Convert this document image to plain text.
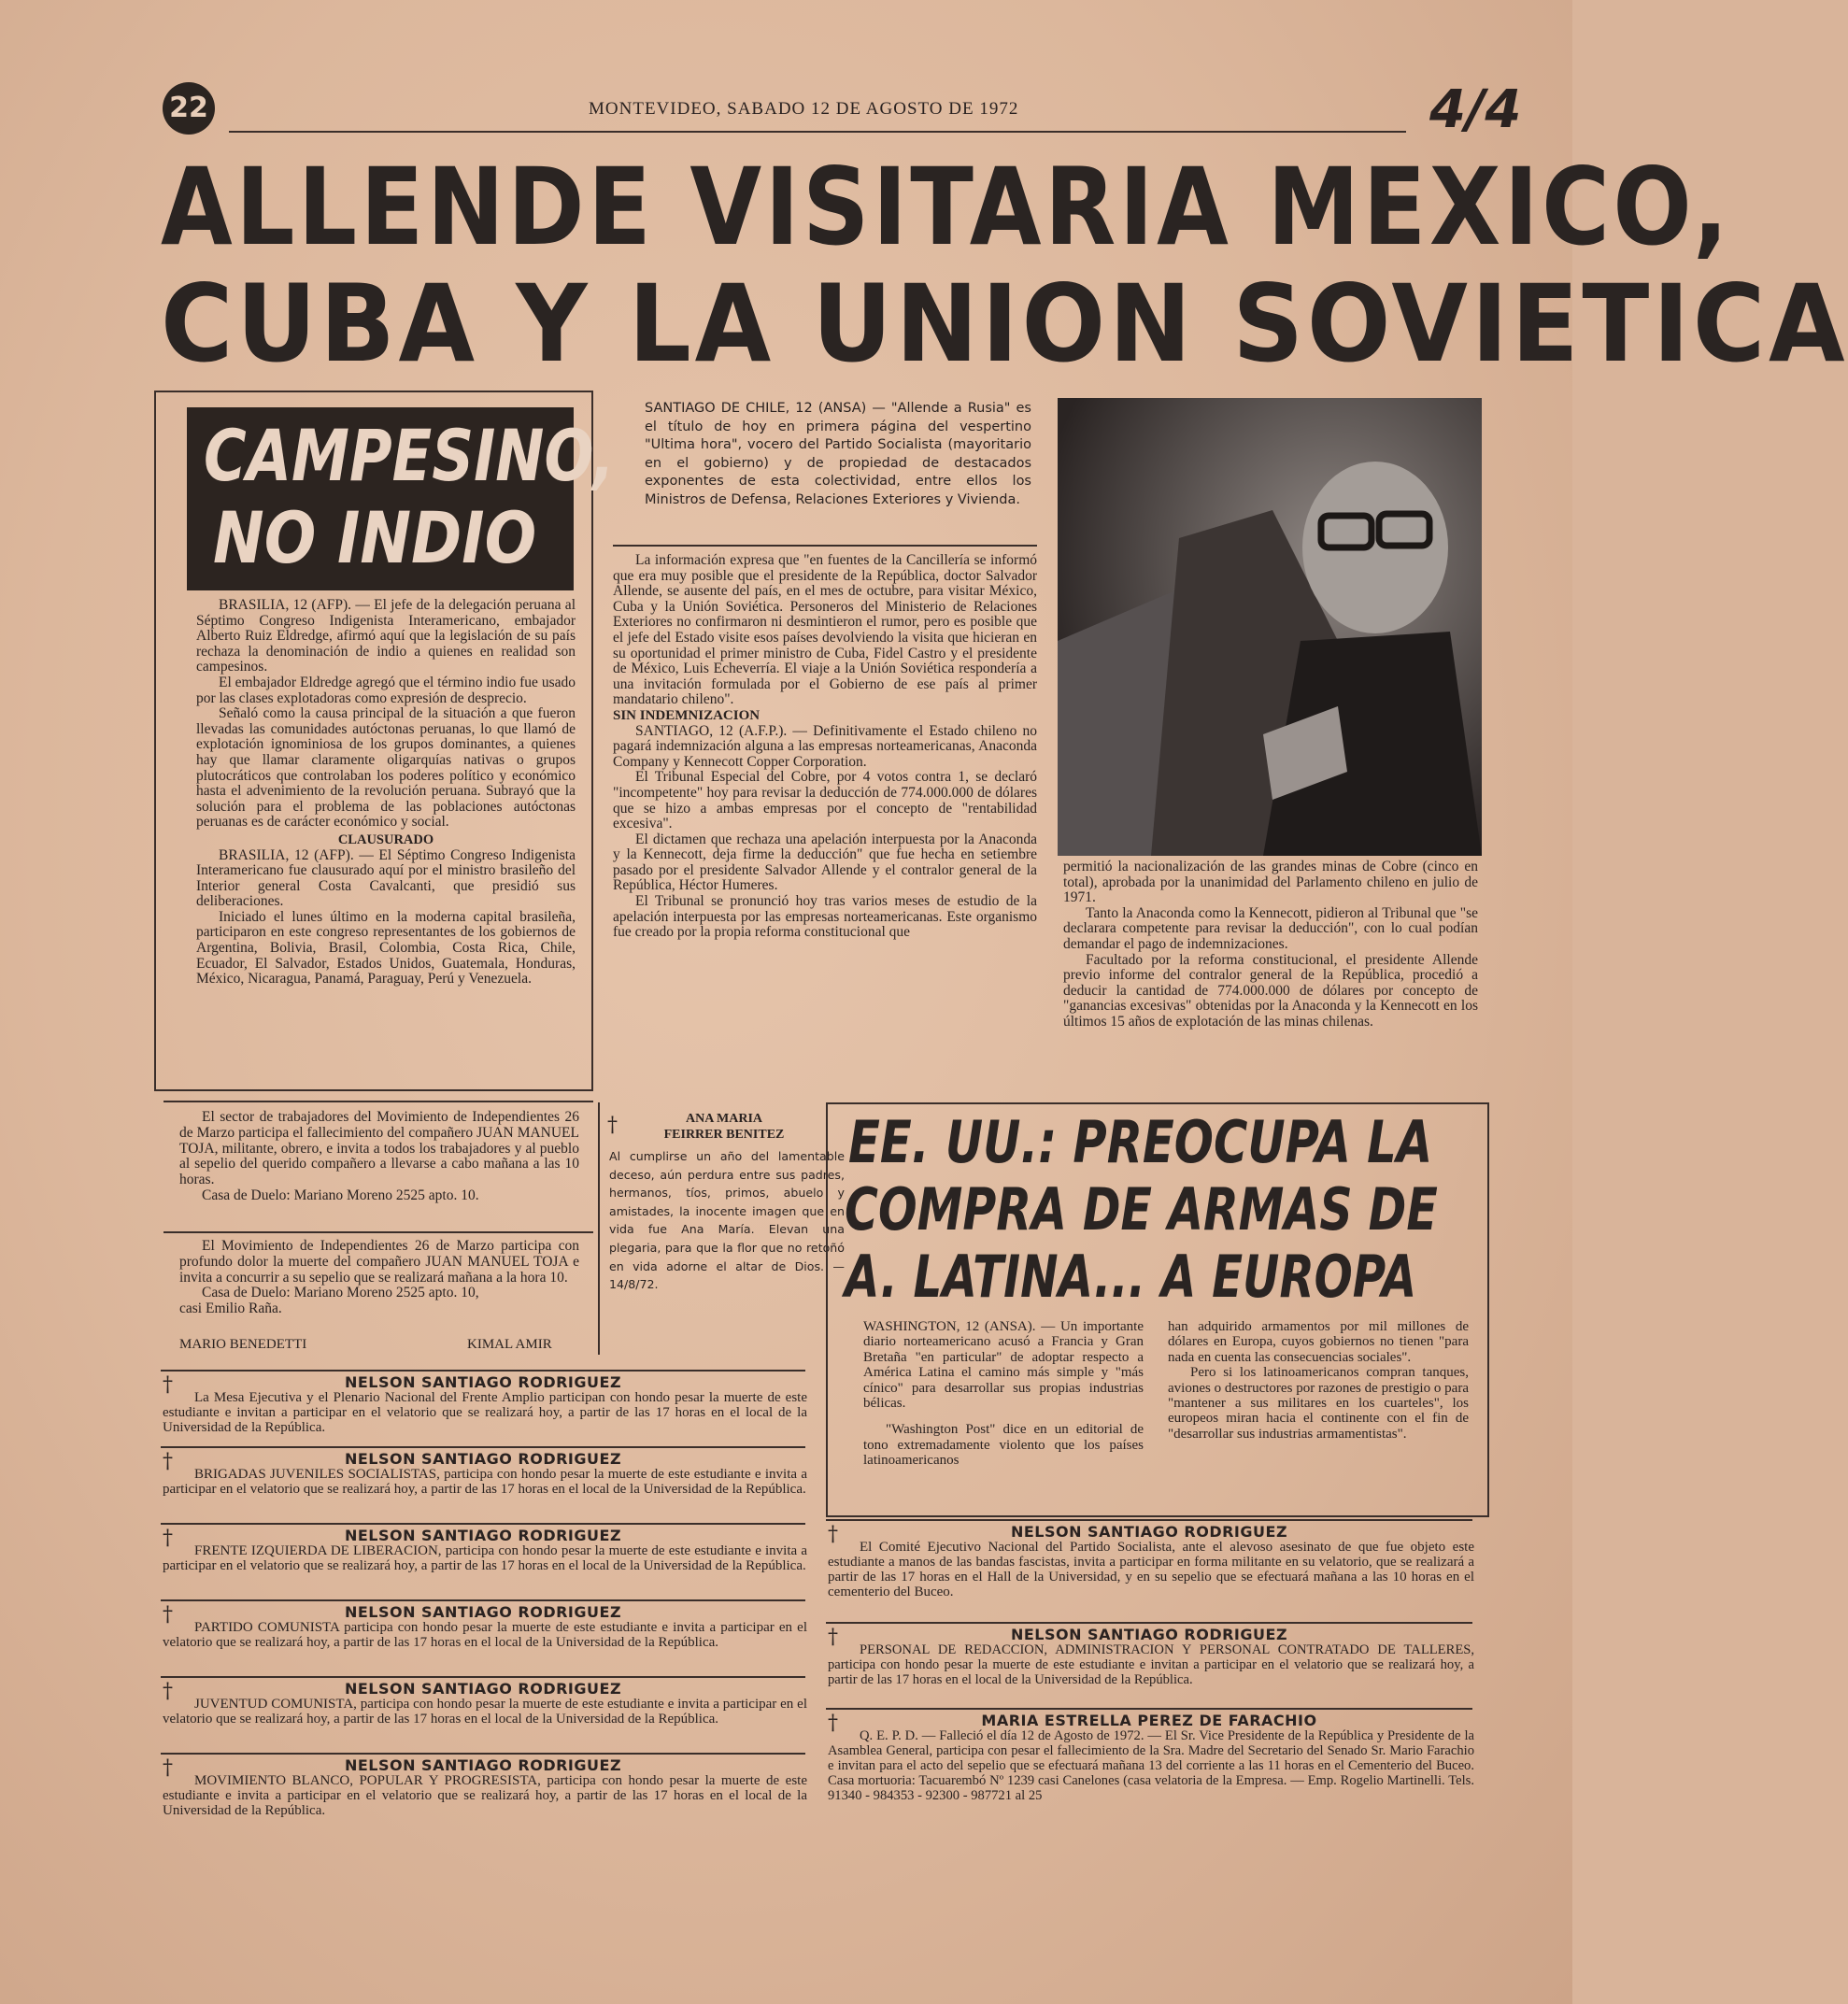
22	MONTEVIDEO, SABADO 12 DE AGOSTO DE 1972	4/4
ALLENDE VISITARIA MEXICO,
CUBA Y LA UNION SOVIETICA
CAMPESINO,
NO INDIO

BRASILIA, 12 (AFP). — El jefe de la delegación peruana al Séptimo Congreso Indigenista Interamericano, embajador Alberto Ruiz Eldredge, afirmó aquí que la legislación de su país rechaza la denominación de indio a quienes en realidad son campesinos.

El embajador Eldredge agregó que el término indio fue usado por las clases explotadoras como expresión de desprecio.

Señaló como la causa principal de la situación a que fueron llevadas las comunidades autóctonas peruanas, lo que llamó de explotación ignominiosa de los grupos dominantes, a quienes hay que llamar claramente oligarquías nativas o grupos plutocráticos que controlaban los poderes político y económico hasta el advenimiento de la revolución peruana. Subrayó que la solución para el problema de las poblaciones autóctonas peruanas es de carácter económico y social.

CLAUSURADO

BRASILIA, 12 (AFP). — El Séptimo Congreso Indigenista Interamericano fue clausurado aquí por el ministro brasileño del Interior general Costa Cavalcanti, que presidió sus deliberaciones.

Iniciado el lunes último en la moderna capital brasileña, participaron en este congreso representantes de los gobiernos de Argentina, Bolivia, Brasil, Colombia, Costa Rica, Chile, Ecuador, El Salvador, Estados Unidos, Guatemala, Honduras, México, Nicaragua, Panamá, Paraguay, Perú y Venezuela.

SANTIAGO DE CHILE, 12 (ANSA) — "Allende a Rusia" es el título de hoy en primera página del vespertino "Ultima hora", vocero del Partido Socialista (mayoritario en el gobierno) y de propiedad de destacados exponentes de esta colectividad, entre ellos los Ministros de Defensa, Relaciones Exteriores y Vivienda.

La información expresa que "en fuentes de la Cancillería se informó que era muy posible que el presidente de la República, doctor Salvador Allende, se ausente del país, en el mes de octubre, para visitar México, Cuba y la Unión Soviética. Personeros del Ministerio de Relaciones Exteriores no confirmaron ni desmintieron el rumor, pero es posible que el jefe del Estado visite esos países devolviendo la visita que hicieran en su oportunidad el primer ministro de Cuba, Fidel Castro y el presidente de México, Luis Echeverría. El viaje a la Unión Soviética respondería a una invitación formulada por el Gobierno de ese país al primer mandatario chileno".

SIN INDEMNIZACION

SANTIAGO, 12 (A.F.P.). — Definitivamente el Estado chileno no pagará indemnización alguna a las empresas norteamericanas, Anaconda Company y Kennecott Copper Corporation.

El Tribunal Especial del Cobre, por 4 votos contra 1, se declaró "incompetente" hoy para revisar la deducción de 774.000.000 de dólares que se hizo a ambas empresas por el concepto de "rentabilidad excesiva".

El dictamen que rechaza una apelación interpuesta por la Anaconda y la Kennecott, deja firme la deducción" que fue hecha en setiembre pasado por el presidente Salvador Allende y el contralor general de la República, Héctor Humeres.

El Tribunal se pronunció hoy tras varios meses de estudio de la apelación interpuesta por las empresas norteamericanas. Este organismo fue creado por la propia reforma constitucional que

permitió la nacionalización de las grandes minas de Cobre (cinco en total), aprobada por la unanimidad del Parlamento chileno en julio de 1971.

Tanto la Anaconda como la Kennecott, pidieron al Tribunal que "se declarara competente para revisar la deducción", con lo cual podían demandar el pago de indemnizaciones.

Facultado por la reforma constitucional, el presidente Allende previo informe del contralor general de la República, procedió a deducir la cantidad de 774.000.000 de dólares por concepto de "ganancias excesivas" obtenidas por la Anaconda y la Kennecott en los últimos 15 años de explotación de las minas chilenas.

El sector de trabajadores del Movimiento de Independientes 26 de Marzo participa el fallecimiento del compañero JUAN MANUEL TOJA, militante, obrero, e invita a todos los trabajadores y al pueblo al sepelio del querido compañero a llevarse a cabo mañana a las 10 horas.
Casa de Duelo: Mariano Moreno 2525 apto. 10.
El Movimiento de Independientes 26 de Marzo participa con profundo dolor la muerte del compañero JUAN MANUEL TOJA e invita a concurrir a su sepelio que se realizará mañana a la hora 10.
Casa de Duelo: Mariano Moreno 2525 apto. 10,
casi Emilio Raña.
MARIO BENEDETTI	KIMAL AMIR
†	ANA MARIA
FEIRRER BENITEZ
Al cumplirse un año del lamentable deceso, aún perdura entre sus padres, hermanos, tíos, primos, abuelo y amistades, la inocente imagen que en vida fue Ana María. Elevan una plegaria, para que la flor que no retoñó en vida adorne el altar de Dios. — 14/8/72.
EE. UU.: PREOCUPA LA
COMPRA DE ARMAS DE
A. LATINA... A EUROPA

WASHINGTON, 12 (ANSA). — Un importante diario norteamericano acusó a Francia y Gran Bretaña "en particular" de adoptar respecto a América Latina el camino más simple y "más cínico" para desarrollar sus propias industrias bélicas.

"Washington Post" dice en un editorial de tono extremadamente violento que los países latinoamericanos

han adquirido armamentos por mil millones de dólares en Europa, cuyos gobiernos no tienen "para nada en cuenta las consecuencias sociales".

Pero si los latinoamericanos compran tanques, aviones o destructores por razones de prestigio o para "mantener a sus militares en los cuarteles", los europeos miran hacia el continente con el fin de "desarrollar sus industrias armamentistas".

†	NELSON SANTIAGO RODRIGUEZ
La Mesa Ejecutiva y el Plenario Nacional del Frente Amplio participan con hondo pesar la muerte de este estudiante e invitan a participar en el velatorio que se realizará hoy, a partir de las 17 horas en el local de la Universidad de la República.
†	NELSON SANTIAGO RODRIGUEZ
BRIGADAS JUVENILES SOCIALISTAS, participa con hondo pesar la muerte de este estudiante e invita a participar en el velatorio que se realizará hoy, a partir de las 17 horas en el local de la Universidad de la República.
†	NELSON SANTIAGO RODRIGUEZ
FRENTE IZQUIERDA DE LIBERACION, participa con hondo pesar la muerte de este estudiante e invita a participar en el velatorio que se realizará hoy, a partir de las 17 horas en el local de la Universidad de la República.
†	NELSON SANTIAGO RODRIGUEZ
PARTIDO COMUNISTA participa con hondo pesar la muerte de este estudiante e invita a participar en el velatorio que se realizará hoy, a partir de las 17 horas en el local de la Universidad de la República.
†	NELSON SANTIAGO RODRIGUEZ
JUVENTUD COMUNISTA, participa con hondo pesar la muerte de este estudiante e invita a participar en el velatorio que se realizará hoy, a partir de las 17 horas en el local de la Universidad de la República.
†	NELSON SANTIAGO RODRIGUEZ
MOVIMIENTO BLANCO, POPULAR Y PROGRESISTA, participa con hondo pesar la muerte de este estudiante e invita a participar en el velatorio que se realizará hoy, a partir de las 17 horas en el local de la Universidad de la República.
†	NELSON SANTIAGO RODRIGUEZ
El Comité Ejecutivo Nacional del Partido Socialista, ante el alevoso asesinato de que fue objeto este estudiante a manos de las bandas fascistas, invita a participar en forma militante en su velatorio, que se realizará a partir de las 17 horas en el Hall de la Universidad, y en su sepelio que se efectuará mañana a las 10 horas en el cementerio del Buceo.
†	NELSON SANTIAGO RODRIGUEZ
PERSONAL DE REDACCION, ADMINISTRACION Y PERSONAL CONTRATADO DE TALLERES, participa con hondo pesar la muerte de este estudiante e invitan a participar en el velatorio que se realizará hoy, a partir de las 17 horas en el local de la Universidad de la República.
†	MARIA ESTRELLA PEREZ DE FARACHIO
Q. E. P. D. — Falleció el día 12 de Agosto de 1972. — El Sr. Vice Presidente de la República y Presidente de la Asamblea General, participa con pesar el fallecimiento de la Sra. Madre del Secretario del Senado Sr. Mario Farachio e invitan para el acto del sepelio que se efectuará mañana 13 del corriente a las 11 horas en el Cementerio del Buceo. Casa mortuoria: Tacuarembó Nº 1239 casi Canelones (casa velatoria de la Empresa. — Emp. Rogelio Martinelli. Tels. 91340 - 984353 - 92300 - 987721 al 25
